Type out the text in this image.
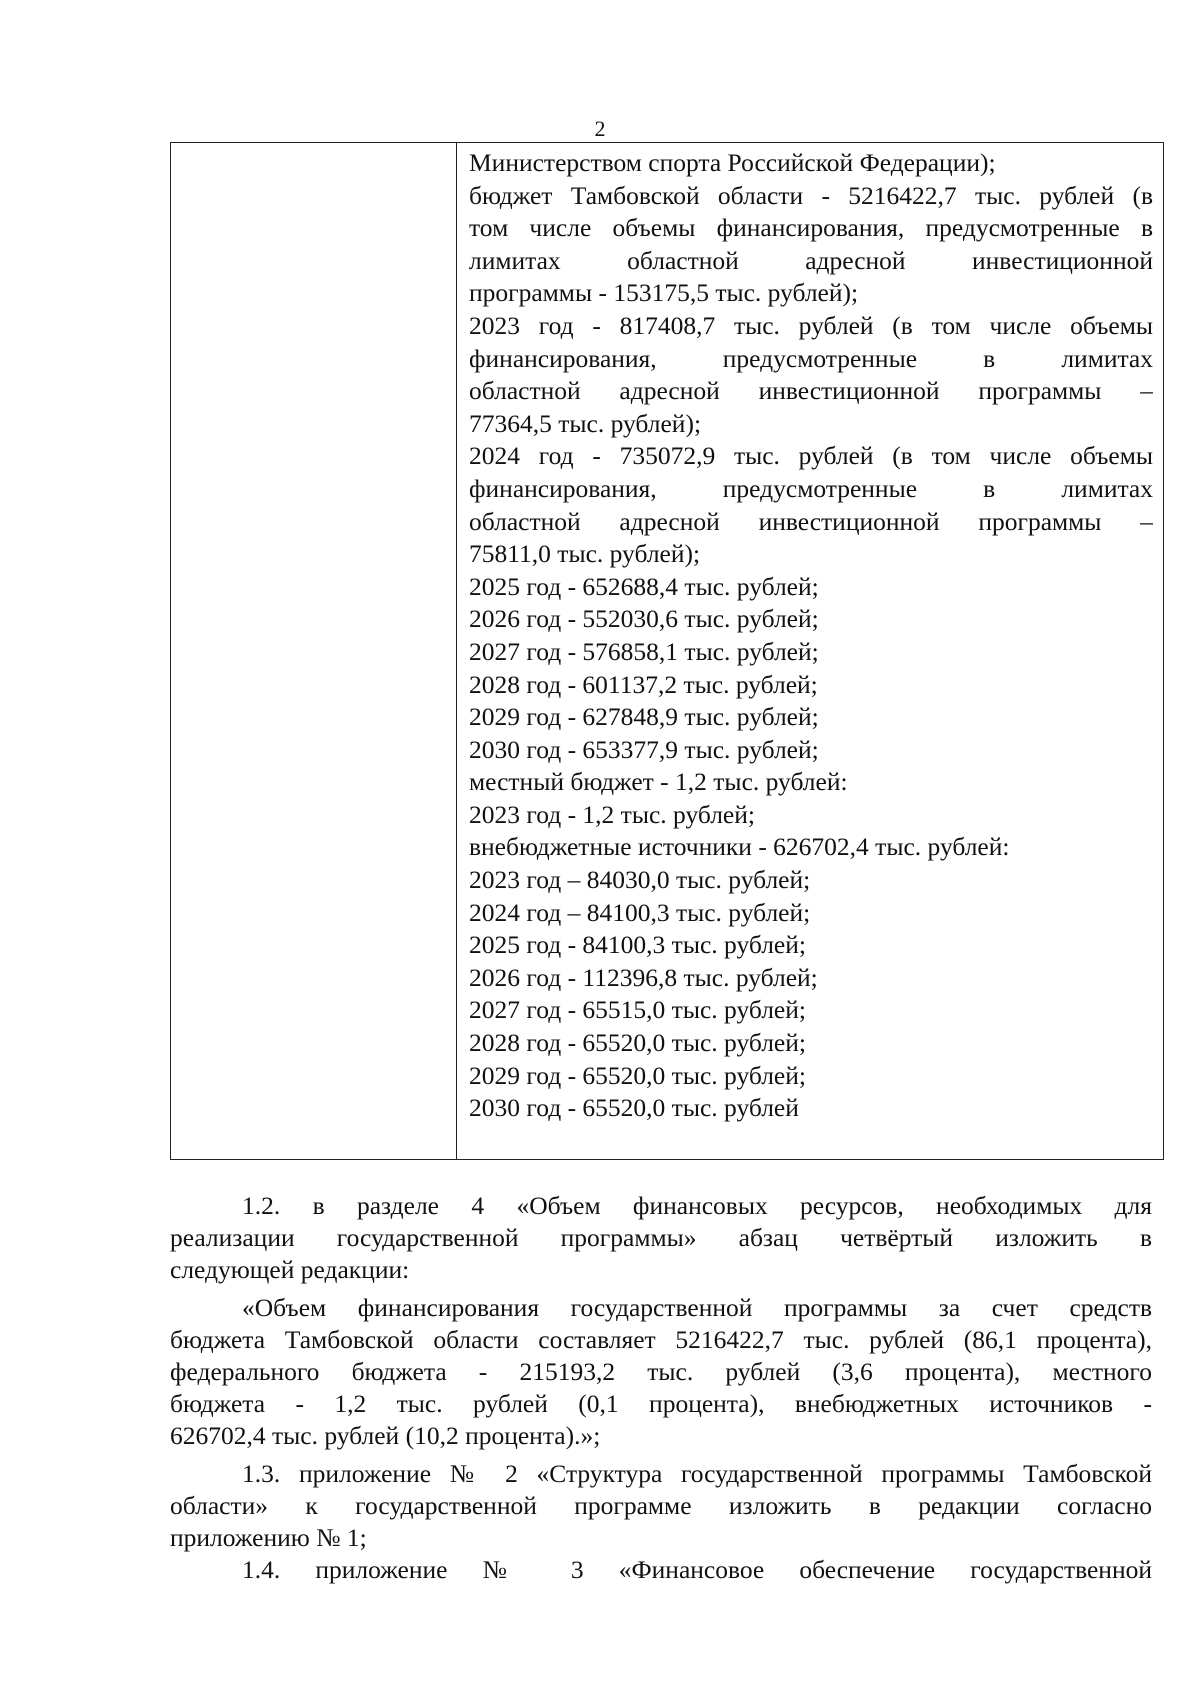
2
Министерством спорта Российской Федерации);
бюджет Тамбовской области - 5216422,7 тыс. рублей (в
том числе объемы финансирования, предусмотренные в
лимитах областной адресной инвестиционной
программы - 153175,5 тыс. рублей);
2023 год - 817408,7 тыс. рублей (в том числе объемы
финансирования, предусмотренные в лимитах
областной адресной инвестиционной программы –
77364,5 тыс. рублей);
2024 год - 735072,9 тыс. рублей (в том числе объемы
финансирования, предусмотренные в лимитах
областной адресной инвестиционной программы –
75811,0 тыс. рублей);
2025 год - 652688,4 тыс. рублей;
2026 год - 552030,6 тыс. рублей;
2027 год - 576858,1 тыс. рублей;
2028 год - 601137,2 тыс. рублей;
2029 год - 627848,9 тыс. рублей;
2030 год - 653377,9 тыс. рублей;
местный бюджет - 1,2 тыс. рублей:
2023 год - 1,2 тыс. рублей;
внебюджетные источники - 626702,4 тыс. рублей:
2023 год – 84030,0 тыс. рублей;
2024 год – 84100,3 тыс. рублей;
2025 год - 84100,3 тыс. рублей;
2026 год - 112396,8 тыс. рублей;
2027 год - 65515,0 тыс. рублей;
2028 год - 65520,0 тыс. рублей;
2029 год - 65520,0 тыс. рублей;
2030 год - 65520,0 тыс. рублей
1.2. в разделе 4 «Объем финансовых ресурсов, необходимых для
реализации государственной программы» абзац четвёртый изложить в
следующей редакции:
«Объем финансирования государственной программы за счет средств
бюджета Тамбовской области составляет 5216422,7 тыс. рублей (86,1 процента),
федерального бюджета - 215193,2 тыс. рублей (3,6 процента), местного
бюджета - 1,2 тыс. рублей (0,1 процента), внебюджетных источников -
626702,4 тыс. рублей (10,2 процента).»;
1.3. приложение № 2 «Структура государственной программы Тамбовской
области» к государственной программе изложить в редакции согласно
приложению № 1;
1.4. приложение № 3 «Финансовое обеспечение государственной
